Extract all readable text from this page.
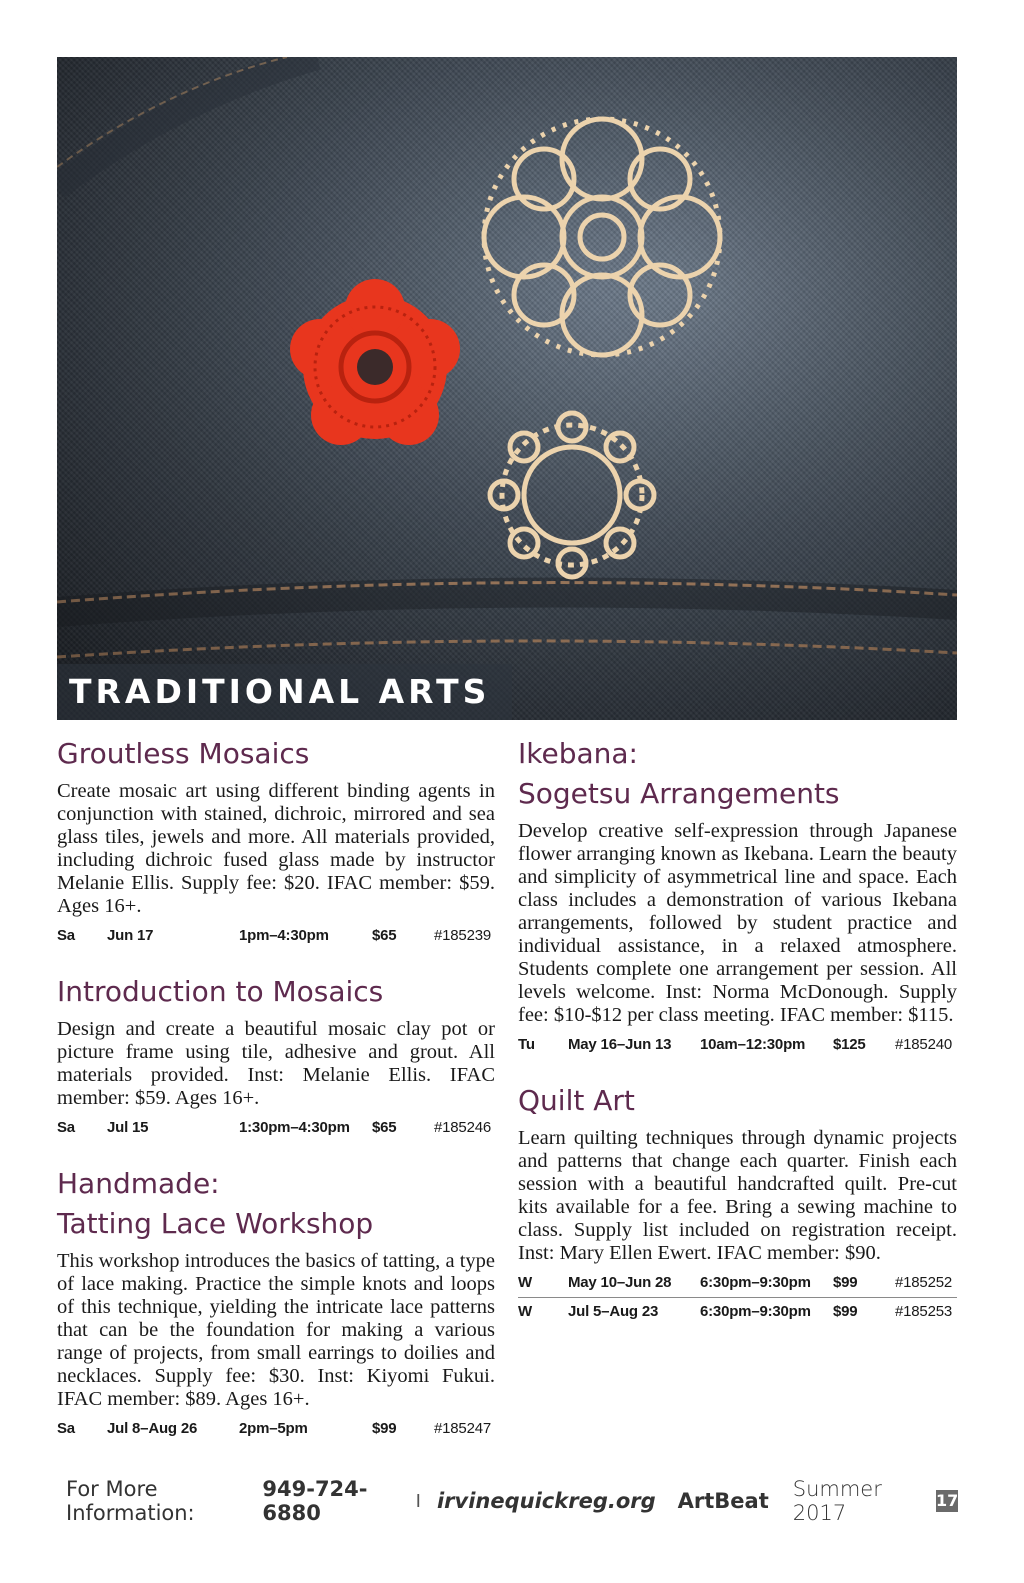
TRADITIONAL ARTS
Groutless Mosaics

Create mosaic art using different binding agents in conjunction with stained, dichroic, mirrored and sea glass tiles, jewels and more. All materials provided, including dichroic fused glass made by instructor Melanie Ellis. Supply fee: $20. IFAC member: $59. Ages 16+.

Sa	Jun 17	1pm–4:30pm	$65	#185239
Introduction to Mosaics

Design and create a beautiful mosaic clay pot or picture frame using tile, adhesive and grout. All materials provided. Inst: Melanie Ellis. IFAC member: $59. Ages 16+.

Sa	Jul 15	1:30pm–4:30pm	$65	#185246
Handmade:
Tatting Lace Workshop

This workshop introduces the basics of tatting, a type of lace making. Practice the simple knots and loops of this technique, yielding the intricate lace patterns that can be the foundation for making a various range of projects, from small earrings to doilies and necklaces. Supply fee: $30. Inst: Kiyomi Fukui. IFAC member: $89. Ages 16+.

Sa	Jul 8–Aug 26	2pm–5pm	$99	#185247
Ikebana:
Sogetsu Arrangements

Develop creative self-expression through Japanese flower arranging known as Ikebana. Learn the beauty and simplicity of asymmetrical line and space. Each class includes a demonstration of various Ikebana arrangements, followed by student practice and individual assistance, in a relaxed atmosphere. Students complete one arrangement per session. All levels welcome. Inst: Norma McDonough. Supply fee: $10-$12 per class meeting. IFAC member: $115.

Tu	May 16–Jun 13	10am–12:30pm	$125	#185240
Quilt Art

Learn quilting techniques through dynamic projects and patterns that change each quarter. Finish each session with a beautiful handcrafted quilt. Pre-cut kits available for a fee. Bring a sewing machine to class. Supply list included on registration receipt. Inst: Mary Ellen Ewert. IFAC member: $90.

W	May 10–Jun 28	6:30pm–9:30pm	$99	#185252
W	Jul 5–Aug 23	6:30pm–9:30pm	$99	#185253
For More Information:
949-724-6880	I irvinequickreg.org ArtBeat Summer 2017
17
